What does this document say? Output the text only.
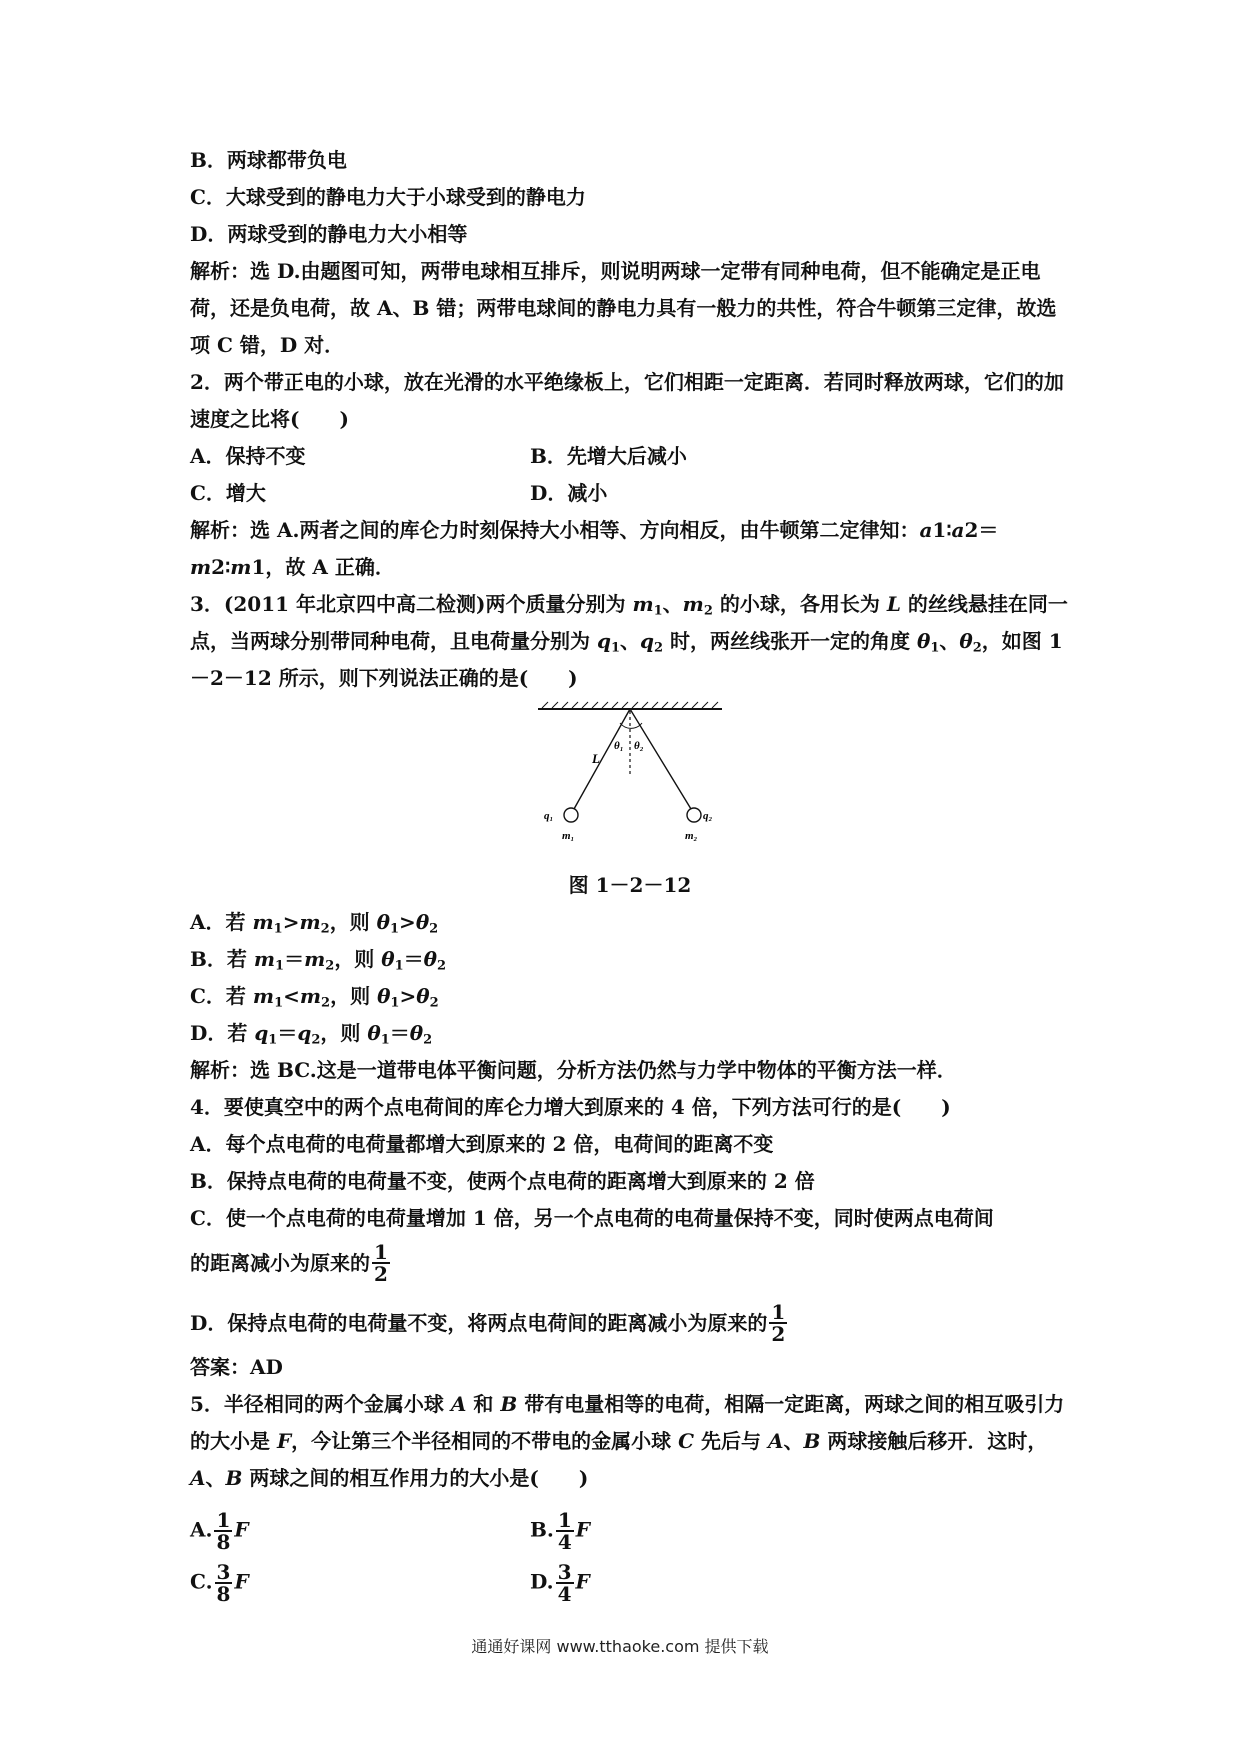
B．两球都带负电
C．大球受到的静电力大于小球受到的静电力
D．两球受到的静电力大小相等
解析：选 D.由题图可知，两带电球相互排斥，则说明两球一定带有同种电荷，但不能确定是正电荷，还是负电荷，故 A、B 错；两带电球间的静电力具有一般力的共性，符合牛顿第三定律，故选项 C 错，D 对．
2．两个带正电的小球，放在光滑的水平绝缘板上，它们相距一定距离．若同时释放两球，它们的加速度之比将(　　)
A．保持不变	B．先增大后减小
C．增大	D．减小
解析：选 A.两者之间的库仑力时刻保持大小相等、方向相反，由牛顿第二定律知：a1∶a2＝m2∶m1，故 A 正确．
3．(2011 年北京四中高二检测)两个质量分别为 $m_1$、$m_2$ 的小球，各用长为 L 的丝线悬挂在同一点，当两球分别带同种电荷，且电荷量分别为 $q_1$、$q_2$ 时，两丝线张开一定的角度 $\theta_1$、$\theta_2$，如图 1－2－12 所示，则下列说法正确的是(　　)
L
θ₁ θ₂
q₁	q₂
m₁	m₂
图 1－2－12
A．若 $m_1>m_2$，则 $\theta_1>\theta_2$
B．若 $m_1=m_2$，则 $\theta_1=\theta_2$
C．若 $m_1<m_2$，则 $\theta_1>\theta_2$
D．若 $q_1=q_2$，则 $\theta_1=\theta_2$
解析：选 BC.这是一道带电体平衡问题，分析方法仍然与力学中物体的平衡方法一样．
4．要使真空中的两个点电荷间的库仑力增大到原来的 4 倍，下列方法可行的是(　　)
A．每个点电荷的电荷量都增大到原来的 2 倍，电荷间的距离不变
B．保持点电荷的电荷量不变，使两个点电荷的距离增大到原来的 2 倍
C．使一个点电荷的电荷量增加 1 倍，另一个点电荷的电荷量保持不变，同时使两点电荷间
的距离减小为原来的 $\frac{1}{2}$
D．保持点电荷的电荷量不变，将两点电荷间的距离减小为原来的 $\frac{1}{2}$
答案：AD
5．半径相同的两个金属小球 A 和 B 带有电量相等的电荷，相隔一定距离，两球之间的相互吸引力的大小是 F，今让第三个半径相同的不带电的金属小球 C 先后与 A、B 两球接触后移开．这时，A、B 两球之间的相互作用力的大小是(　　)
A. $\frac{1}{8}$ F	B. $\frac{1}{4}$ F
C. $\frac{3}{8}$ F	D. $\frac{3}{4}$ F
通通好课网 www.tthaoke.com 提供下载
